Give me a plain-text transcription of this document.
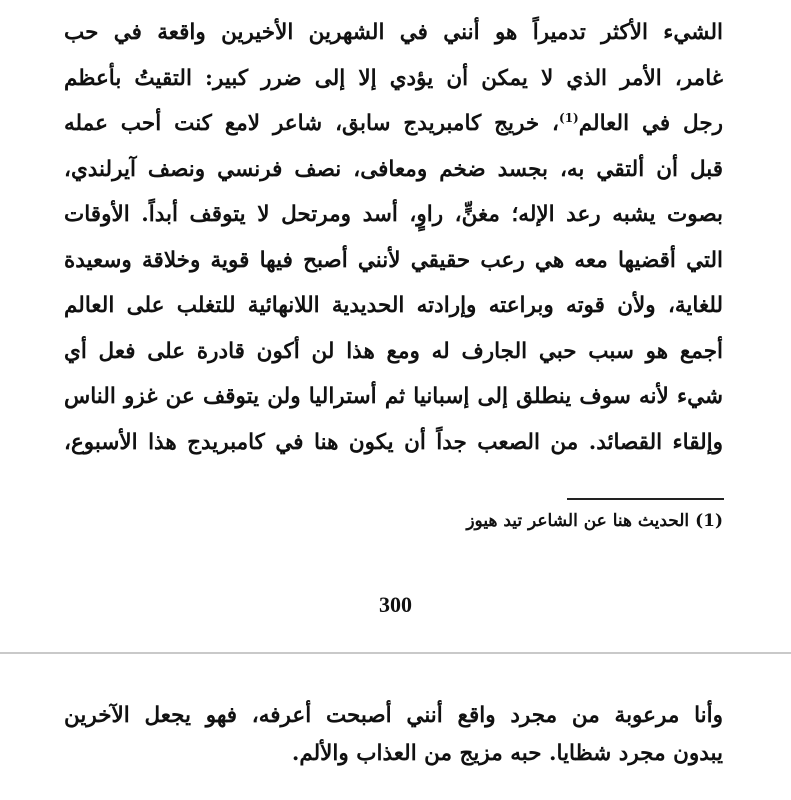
الشيء الأكثر تدميراً هو أنني في الشهرين الأخيرين واقعة في حب
غامر، الأمر الذي لا يمكن أن يؤدي إلا إلى ضرر كبير: التقيتُ بأعظم
رجل في العالم$^{(1)}$، خريج كامبريدج سابق، شاعر لامع كنت أحب عمله
قبل أن ألتقي به، بجسد ضخم ومعافى، نصف فرنسي ونصف آيرلندي،
بصوت يشبه رعد الإله؛ مغنٍّ، راوٍ، أسد ومرتحل لا يتوقف أبداً. الأوقات
التي أقضيها معه هي رعب حقيقي لأنني أصبح فيها قوية وخلاقة وسعيدة
للغاية، ولأن قوته وبراعته وإرادته الحديدية اللانهائية للتغلب على العالم
أجمع هو سبب حبي الجارف له ومع هذا لن أكون قادرة على فعل أي
شيء لأنه سوف ينطلق إلى إسبانيا ثم أستراليا ولن يتوقف عن غزو الناس
وإلقاء القصائد. من الصعب جداً أن يكون هنا في كامبريدج هذا الأسبوع،
(1) الحديث هنا عن الشاعر تيد هيوز
300
وأنا مرعوبة من مجرد واقع أنني أصبحت أعرفه، فهو يجعل الآخرين
يبدون مجرد شظايا. حبه مزيج من العذاب والألم.
